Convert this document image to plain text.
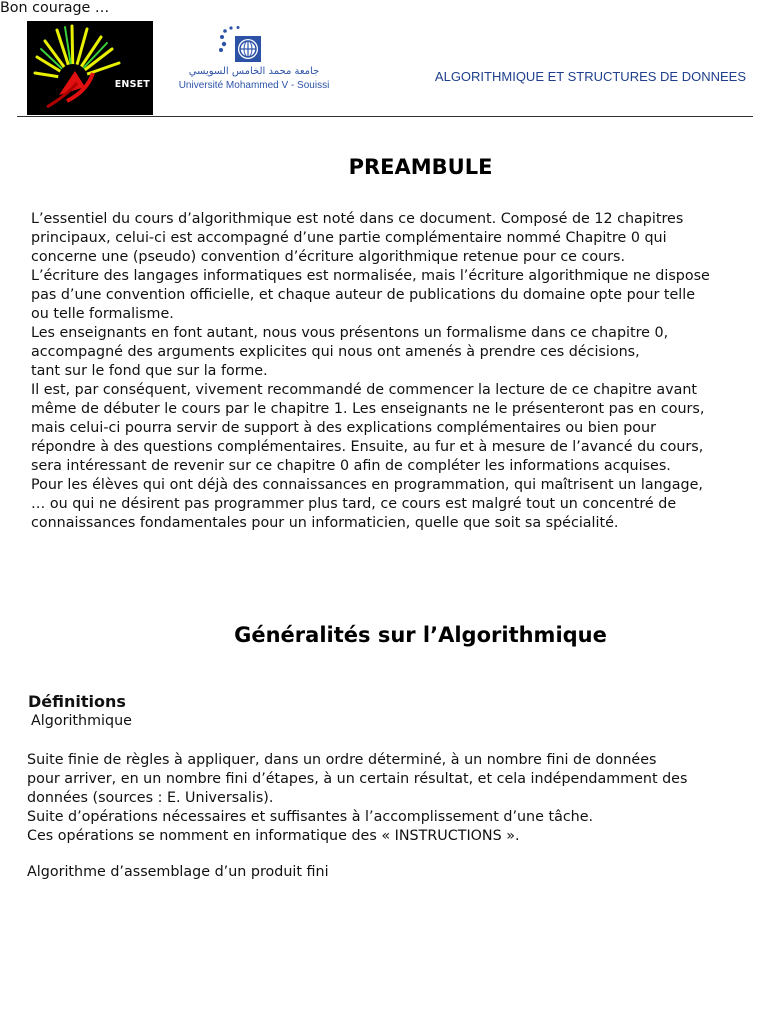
ENSET
جامعة محمد الخامس السويسي
Université Mohammed V - Souissi
ALGORITHMIQUE ET STRUCTURES DE DONNEES
PREAMBULE
L’essentiel du cours d’algorithmique est noté dans ce document. Composé de 12 chapitres
principaux, celui-ci est accompagné d’une partie complémentaire nommé Chapitre 0 qui
concerne une (pseudo) convention d’écriture algorithmique retenue pour ce cours.
L’écriture des langages informatiques est normalisée, mais l’écriture algorithmique ne dispose
pas d’une convention officielle, et chaque auteur de publications du domaine opte pour telle
ou telle formalisme.
Les enseignants en font autant, nous vous présentons un formalisme dans ce chapitre 0,
accompagné des arguments explicites qui nous ont amenés à prendre ces décisions,
tant sur le fond que sur la forme.
Il est, par conséquent, vivement recommandé de commencer la lecture de ce chapitre avant
même de débuter le cours par le chapitre 1. Les enseignants ne le présenteront pas en cours,
mais celui-ci pourra servir de support à des explications complémentaires ou bien pour
répondre à des questions complémentaires. Ensuite, au fur et à mesure de l’avancé du cours,
sera intéressant de revenir sur ce chapitre 0 afin de compléter les informations acquises.
Pour les élèves qui ont déjà des connaissances en programmation, qui maîtrisent un langage,
… ou qui ne désirent pas programmer plus tard, ce cours est malgré tout un concentré de
connaissances fondamentales pour un informaticien, quelle que soit sa spécialité.
Bon courage …
Généralités sur l’Algorithmique
Définitions
Algorithmique
Suite finie de règles à appliquer, dans un ordre déterminé, à un nombre fini de données
pour arriver, en un nombre fini d’étapes, à un certain résultat, et cela indépendamment des
données (sources : E. Universalis).
Suite d’opérations nécessaires et suffisantes à l’accomplissement d’une tâche.
Ces opérations se nomment en informatique des « INSTRUCTIONS ».
Algorithme d’assemblage d’un produit fini
